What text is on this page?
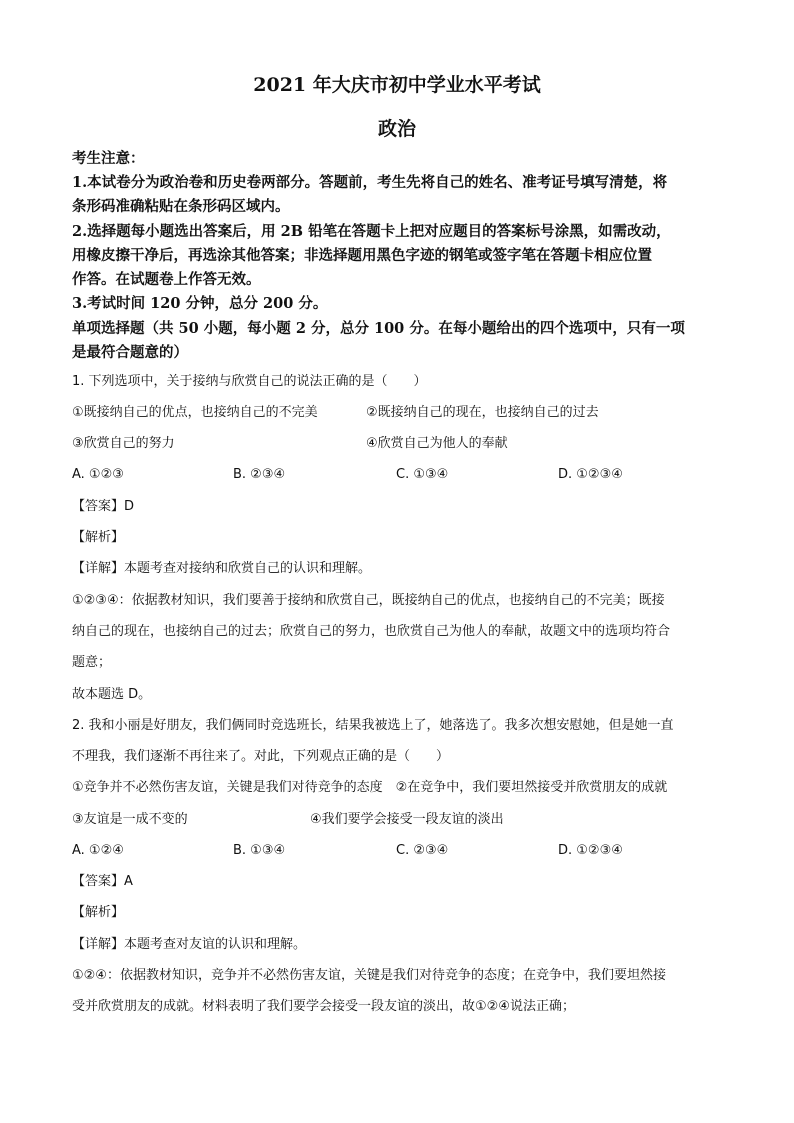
2021 年大庆市初中学业水平考试
政治
考生注意：
1.本试卷分为政治卷和历史卷两部分。答题前，考生先将自己的姓名、准考证号填写清楚，将
条形码准确粘贴在条形码区域内。
2.选择题每小题选出答案后，用 2B 铅笔在答题卡上把对应题目的答案标号涂黑，如需改动，
用橡皮擦干净后，再选涂其他答案；非选择题用黑色字迹的钢笔或签字笔在答题卡相应位置
作答。在试题卷上作答无效。
3.考试时间 120 分钟，总分 200 分。
单项选择题（共 50 小题，每小题 2 分，总分 100 分。在每小题给出的四个选项中，只有一项
是最符合题意的）
1. 下列选项中，关于接纳与欣赏自己的说法正确的是（　　）
①既接纳自己的优点，也接纳自己的不完美	②既接纳自己的现在，也接纳自己的过去
③欣赏自己的努力	④欣赏自己为他人的奉献
A. ①②③	B. ②③④	C. ①③④	D. ①②③④
【答案】D
【解析】
【详解】本题考查对接纳和欣赏自己的认识和理解。
①②③④：依据教材知识，我们要善于接纳和欣赏自己，既接纳自己的优点，也接纳自己的不完美；既接
纳自己的现在，也接纳自己的过去；欣赏自己的努力，也欣赏自己为他人的奉献，故题文中的选项均符合
题意；
故本题选 D。
2. 我和小丽是好朋友，我们俩同时竞选班长，结果我被选上了，她落选了。我多次想安慰她，但是她一直
不理我，我们逐渐不再往来了。对此，下列观点正确的是（　　）
①竞争并不必然伤害友谊，关键是我们对待竞争的态度　②在竞争中，我们要坦然接受并欣赏朋友的成就
③友谊是一成不变的	④我们要学会接受一段友谊的淡出
A. ①②④	B. ①③④	C. ②③④	D. ①②③④
【答案】A
【解析】
【详解】本题考查对友谊的认识和理解。
①②④：依据教材知识，竞争并不必然伤害友谊，关键是我们对待竞争的态度；在竞争中，我们要坦然接
受并欣赏朋友的成就。材料表明了我们要学会接受一段友谊的淡出，故①②④说法正确；
